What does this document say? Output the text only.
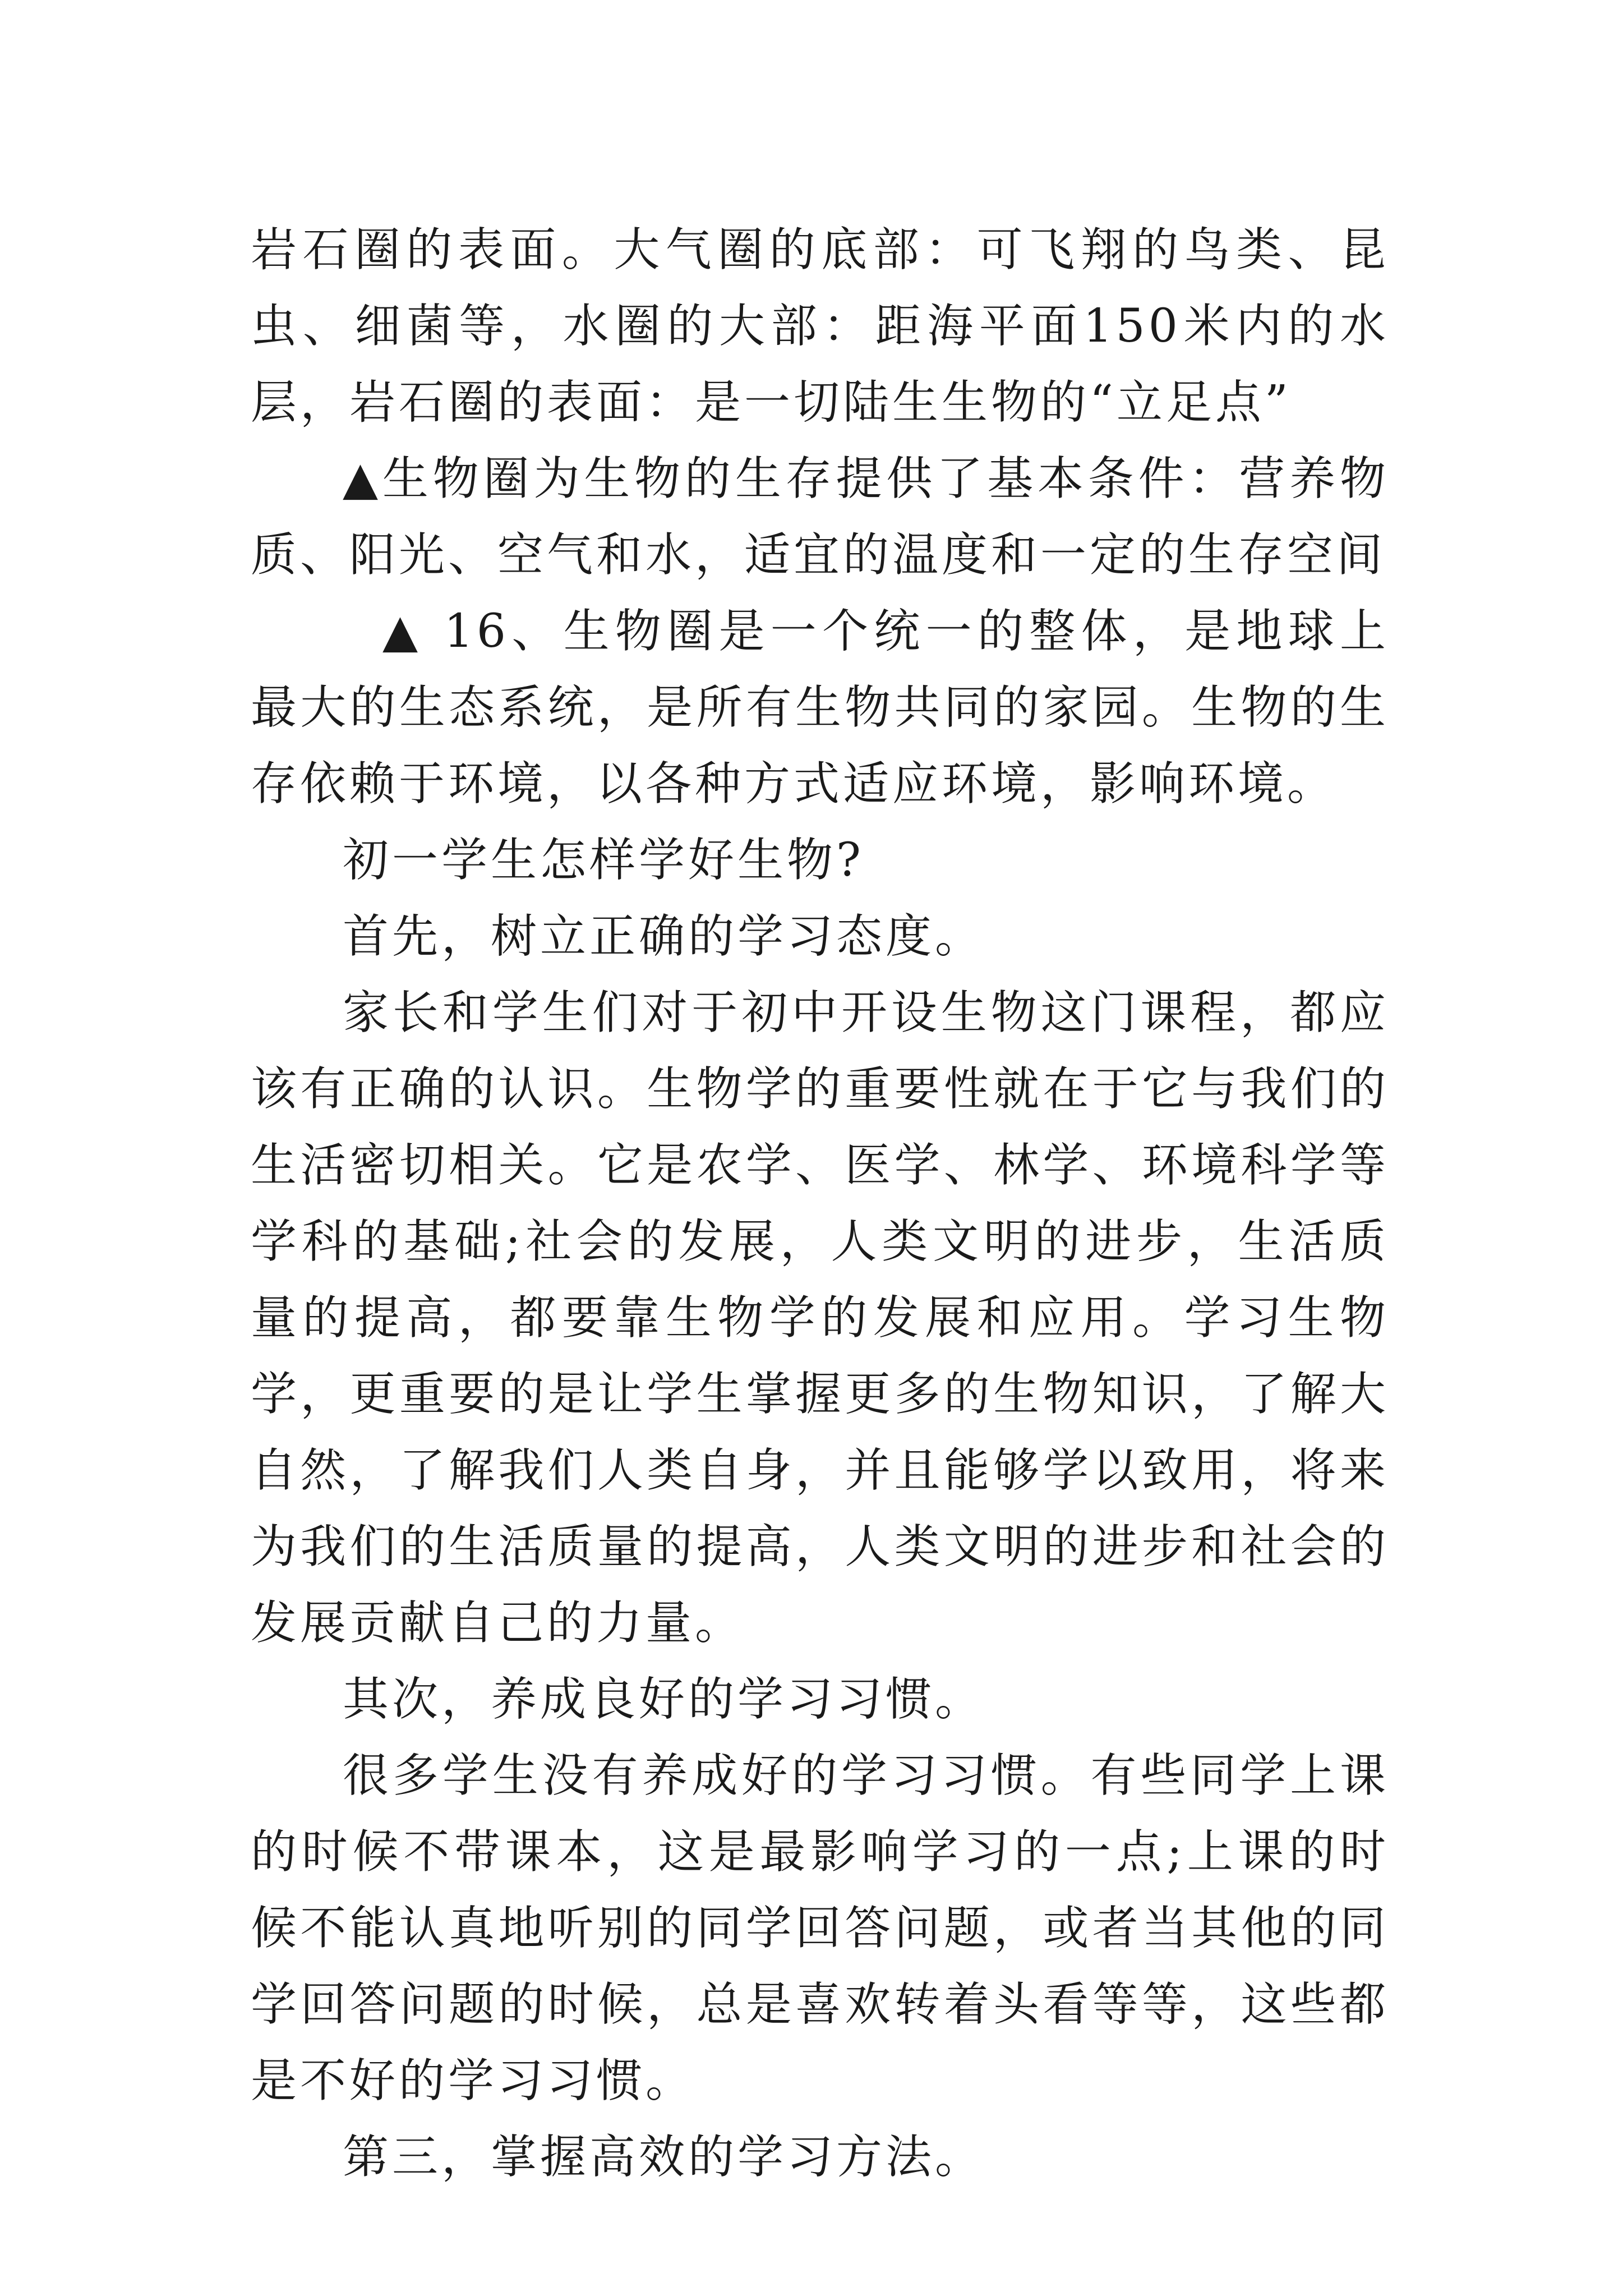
岩石圈的表面。大气圈的底部：可飞翔的鸟类、昆虫、细菌等，水圈的大部：距海平面150米内的水层，岩石圈的表面：是一切陆生生物的“立足点”

▲生物圈为生物的生存提供了基本条件：营养物质、阳光、空气和水，适宜的温度和一定的生存空间

▲ 16、生物圈是一个统一的整体，是地球上最大的生态系统，是所有生物共同的家园。生物的生存依赖于环境，以各种方式适应环境，影响环境。

初一学生怎样学好生物?

首先，树立正确的学习态度。

家长和学生们对于初中开设生物这门课程，都应该有正确的认识。生物学的重要性就在于它与我们的生活密切相关。它是农学、医学、林学、环境科学等学科的基础;社会的发展，人类文明的进步，生活质量的提高，都要靠生物学的发展和应用。学习生物学，更重要的是让学生掌握更多的生物知识，了解大自然，了解我们人类自身，并且能够学以致用，将来为我们的生活质量的提高，人类文明的进步和社会的发展贡献自己的力量。

其次，养成良好的学习习惯。

很多学生没有养成好的学习习惯。有些同学上课的时候不带课本，这是最影响学习的一点;上课的时候不能认真地听别的同学回答问题，或者当其他的同学回答问题的时候，总是喜欢转着头看等等，这些都是不好的学习习惯。

第三，掌握高效的学习方法。
